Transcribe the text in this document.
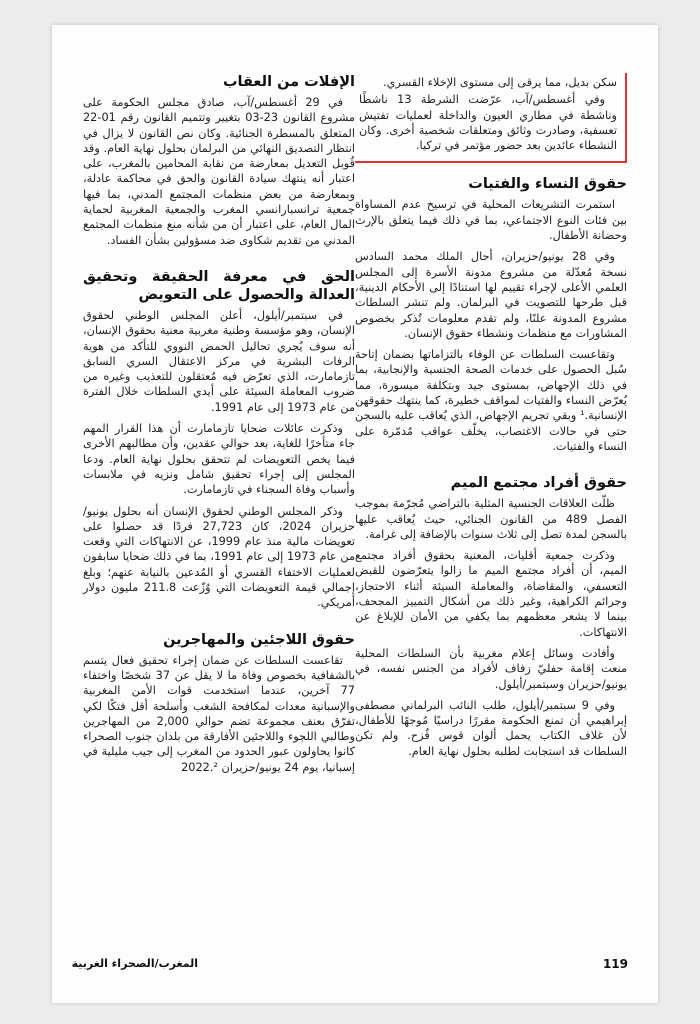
سكن بديل، مما يرقى إلى مستوى الإخلاء القسري.

وفي أغسطس/آب، عرّضت الشرطة 13 ناشطًا وناشطة في مطاري العيون والداخلة لعمليات تفتيش تعسفية، وصادرت وثائق ومتعلقات شخصية أخرى. وكان النشطاء عائدين بعد حضور مؤتمر في تركيا.

حقوق النساء والفتيات

استمرت التشريعات المحلية في ترسيخ عدم المساواة بين فئات النوع الاجتماعي، بما في ذلك فيما يتعلق بالإرث وحضانة الأطفال.

وفي 28 يونيو/حزيران، أحال الملك محمد السادس نسخة مُعدّلة من مشروع مدونة الأسرة إلى المجلس العلمي الأعلى لإجراء تقييم لها استنادًا إلى الأحكام الدينية، قبل طرحها للتصويت في البرلمان. ولم تنشر السلطات مشروع المدونة علنًا، ولم تقدم معلومات تُذكر بخصوص المشاورات مع منظمات ونشطاء حقوق الإنسان.

وتقاعست السلطات عن الوفاء بالتزاماتها بضمان إتاحة سُبل الحصول على خدمات الصحة الجنسية والإنجابية، بما في ذلك الإجهاض، بمستوى جيد وبتكلفة ميسورة، مما يُعرّض النساء والفتيات لمواقف خطيرة، كما ينتهك حقوقهن الإنسانية.¹ وبقي تجريم الإجهاض، الذي يُعاقب عليه بالسجن حتى في حالات الاغتصاب، يخلّف عواقب مُدمّرة على النساء والفتيات.

حقوق أفراد مجتمع الميم

ظلّت العلاقات الجنسية المثلية بالتراضي مُجرّمة بموجب الفصل 489 من القانون الجنائي، حيث يُعاقب عليها بالسجن لمدة تصل إلى ثلاث سنوات بالإضافة إلى غرامة.

وذكرت جمعية أقليات، المعنية بحقوق أفراد مجتمع الميم، أن أفراد مجتمع الميم ما زالوا يتعرّضون للقبض التعسفي، والمقاضاة، والمعاملة السيئة أثناء الاحتجاز، وجرائم الكراهية، وغير ذلك من أشكال التمييز المجحف، بينما لا يشعر معظمهم بما يكفي من الأمان للإبلاغ عن الانتهاكات.

وأفادت وسائل إعلام مغربية بأن السلطات المحلية منعت إقامة حفليّ زفاف لأفراد من الجنس نفسه، في يونيو/حزيران وسبتمبر/أيلول.

وفي 9 سبتمبر/أيلول، طلب النائب البرلماني مصطفى إبراهيمي أن تمنع الحكومة مقررًا دراسيًا مُوجهًا للأطفال، لأن غلاف الكتاب يحمل ألوان قوس قُزح. ولم تكن السلطات قد استجابت لطلبه بحلول نهاية العام.

الإفلات من العقاب

في 29 أغسطس/آب، صادق مجلس الحكومة على مشروع القانون 23-03 بتغيير وتتميم القانون رقم 01-22 المتعلق بالمسطرة الجنائية. وكان نص القانون لا يزال في انتظار التصديق النهائي من البرلمان بحلول نهاية العام. وقد قُوبل التعديل بمعارضة من نقابة المحامين بالمغرب، على اعتبار أنه ينتهك سيادة القانون والحق في محاكمة عادلة، وبمعارضة من بعض منظمات المجتمع المدني، بما فيها جمعية ترانسبارانسي المغرب والجمعية المغربية لحماية المال العام، على اعتبار أن من شأنه منع منظمات المجتمع المدني من تقديم شكاوى ضد مسؤولين بشأن الفساد.

الحق في معرفة الحقيقة وتحقيق العدالة والحصول على التعويض

في سبتمبر/أيلول، أعلن المجلس الوطني لحقوق الإنسان، وهو مؤسسة وطنية مغربية معنية بحقوق الإنسان، أنه سوف يُجري تحاليل الحمض النووي للتأكد من هوية الرفات البشرية في مركز الاعتقال السري السابق تازمامارت، الذي تعرّض فيه مُعتقلون للتعذيب وغيره من ضروب المعاملة السيئة على أيدي السلطات خلال الفترة من عام 1973 إلى عام 1991.

وذكرت عائلات ضحايا تازمامارت أن هذا القرار المهم جاء متأخرًا للغاية، بعد حوالي عقدين، وأن مطالبهم الأخرى فيما يخص التعويضات لم تتحقق بحلول نهاية العام. ودعا المجلس إلى إجراء تحقيق شامل ونزيه في ملابسات وأسباب وفاة السجناء في تازمامارت.

وذكر المجلس الوطني لحقوق الإنسان أنه بحلول يونيو/حزيران 2024، كان 27,723 فردًا قد حصلوا على تعويضات مالية منذ عام 1999، عن الانتهاكات التي وقعت من عام 1973 إلى عام 1991، بما في ذلك ضحايا سابقون لعمليات الاختفاء القسري أو المُدعين بالنيابة عنهم؛ وبلغ إجمالي قيمة التعويضات التي وُزّعت 211.8 مليون دولار أمريكي.

حقوق اللاجئين والمهاجرين

تقاعست السلطات عن ضمان إجراء تحقيق فعال يتسم بالشفافية بخصوص وفاة ما لا يقل عن 37 شخصًا واختفاء 77 آخرين، عندما استخدمت قوات الأمن المغربية والإسبانية معدات لمكافحة الشغب وأسلحة أقل فتكًا لكي تفرّق بعنف مجموعة تضم حوالي 2,000 من المهاجرين وطالبي اللجوء واللاجئين الأفارقة من بلدان جنوب الصحراء كانوا يحاولون عبور الحدود من المغرب إلى جيب مليلية في إسبانيا، يوم 24 يونيو/حزيران 2022.²

119
المغرب/الصحراء الغربية
